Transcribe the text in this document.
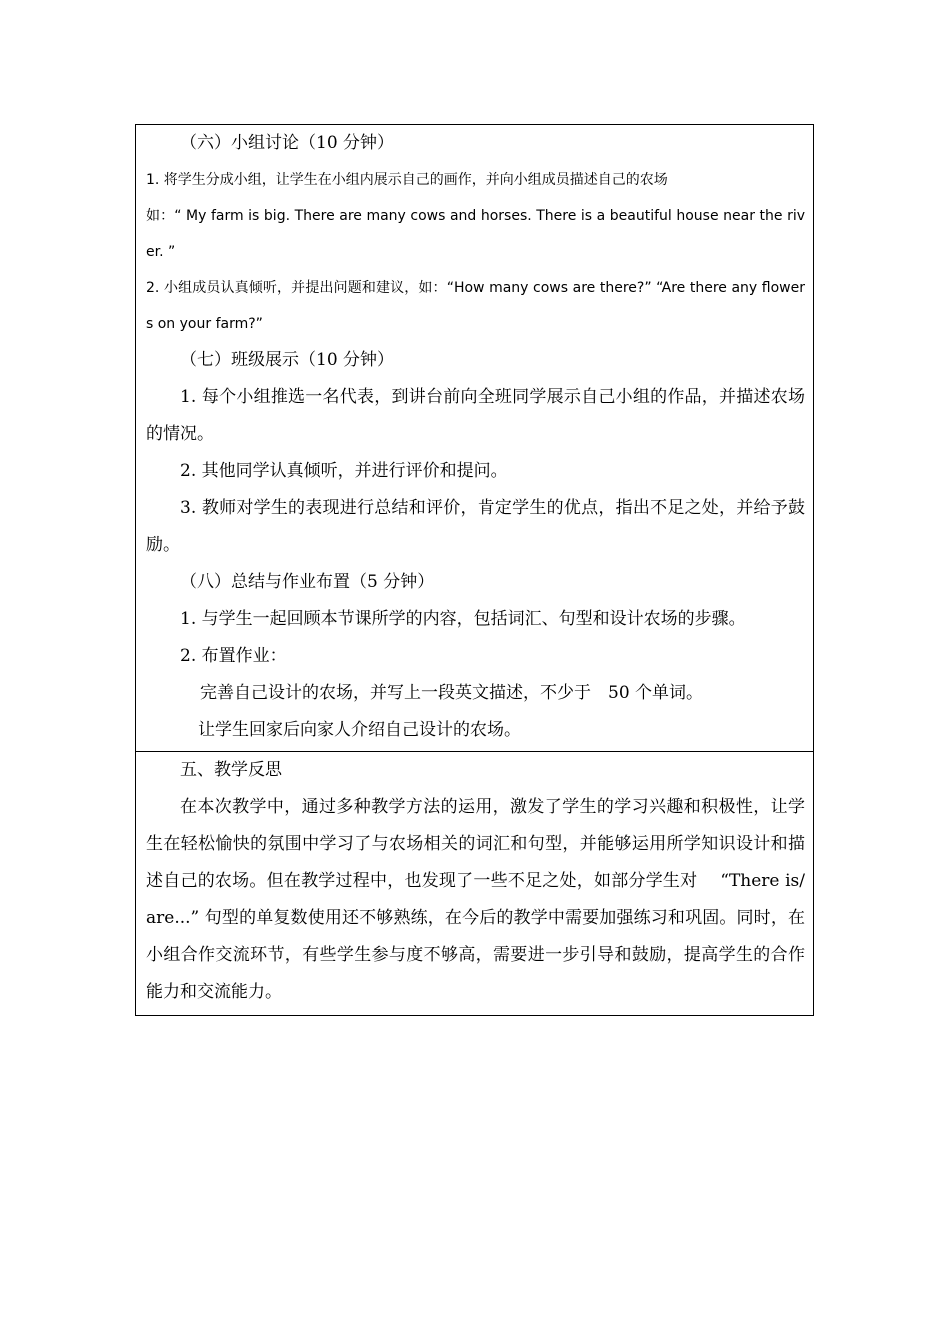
（六）小组讨论（10 分钟）

1. 将学生分成小组，让学生在小组内展示自己的画作，并向小组成员描述自己的农场

如：“ My farm is big. There are many cows and horses. There is a beautiful house near the river. ”

2. 小组成员认真倾听，并提出问题和建议，如：“How many cows are there?” “Are there any flowers on your farm?”

（七）班级展示（10 分钟）

1. 每个小组推选一名代表，到讲台前向全班同学展示自己小组的作品，并描述农场的情况。

2. 其他同学认真倾听，并进行评价和提问。

3. 教师对学生的表现进行总结和评价，肯定学生的优点，指出不足之处，并给予鼓励。

（八）总结与作业布置（5 分钟）

1. 与学生一起回顾本节课所学的内容，包括词汇、句型和设计农场的步骤。

2. 布置作业：

完善自己设计的农场，并写上一段英文描述，不少于　50 个单词。

让学生回家后向家人介绍自己设计的农场。

五、教学反思

在本次教学中，通过多种教学方法的运用，激发了学生的学习兴趣和积极性，让学生在轻松愉快的氛围中学习了与农场相关的词汇和句型，并能够运用所学知识设计和描述自己的农场。但在教学过程中，也发现了一些不足之处，如部分学生对　 “There is/are...” 句型的单复数使用还不够熟练，在今后的教学中需要加强练习和巩固。同时，在小组合作交流环节，有些学生参与度不够高，需要进一步引导和鼓励，提高学生的合作能力和交流能力。
